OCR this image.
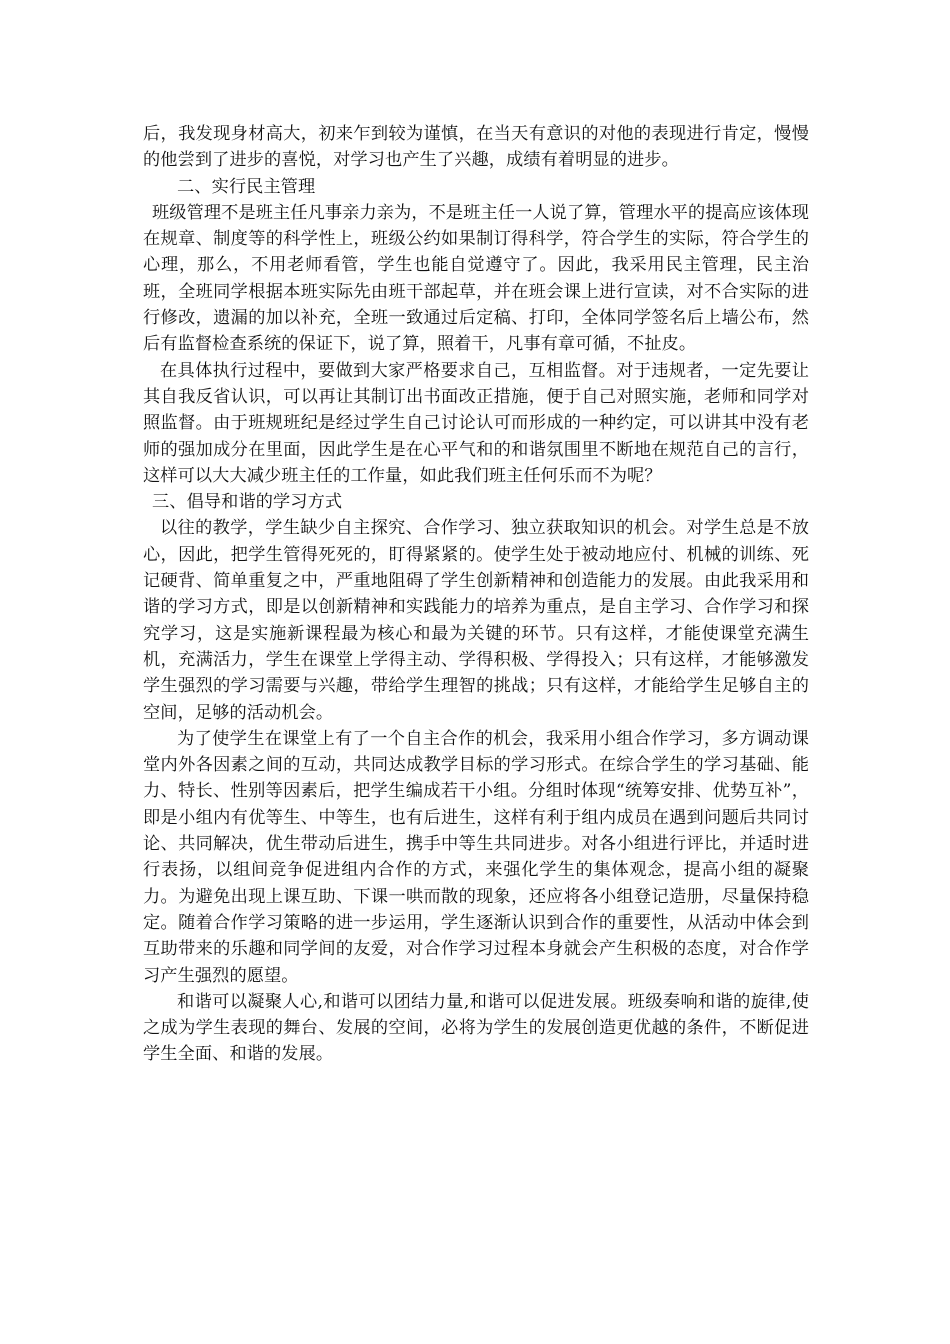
后，我发现身材高大，初来乍到较为谨慎，在当天有意识的对他的表现进行肯定，慢慢的他尝到了进步的喜悦，对学习也产生了兴趣，成绩有着明显的进步。

二、实行民主管理

班级管理不是班主任凡事亲力亲为，不是班主任一人说了算，管理水平的提高应该体现在规章、制度等的科学性上，班级公约如果制订得科学，符合学生的实际，符合学生的心理，那么，不用老师看管，学生也能自觉遵守了。因此，我采用民主管理，民主治班，全班同学根据本班实际先由班干部起草，并在班会课上进行宣读，对不合实际的进行修改，遗漏的加以补充，全班一致通过后定稿、打印，全体同学签名后上墙公布，然后有监督检查系统的保证下，说了算，照着干，凡事有章可循，不扯皮。

在具体执行过程中，要做到大家严格要求自己，互相监督。对于违规者，一定先要让其自我反省认识，可以再让其制订出书面改正措施，便于自己对照实施，老师和同学对照监督。由于班规班纪是经过学生自己讨论认可而形成的一种约定，可以讲其中没有老师的强加成分在里面，因此学生是在心平气和的和谐氛围里不断地在规范自己的言行，这样可以大大减少班主任的工作量，如此我们班主任何乐而不为呢？

三、倡导和谐的学习方式

以往的教学，学生缺少自主探究、合作学习、独立获取知识的机会。对学生总是不放心，因此，把学生管得死死的，盯得紧紧的。使学生处于被动地应付、机械的训练、死记硬背、简单重复之中，严重地阻碍了学生创新精神和创造能力的发展。由此我采用和谐的学习方式，即是以创新精神和实践能力的培养为重点，是自主学习、合作学习和探究学习，这是实施新课程最为核心和最为关键的环节。只有这样，才能使课堂充满生机，充满活力，学生在课堂上学得主动、学得积极、学得投入；只有这样，才能够激发学生强烈的学习需要与兴趣，带给学生理智的挑战；只有这样，才能给学生足够自主的空间，足够的活动机会。

为了使学生在课堂上有了一个自主合作的机会，我采用小组合作学习，多方调动课堂内外各因素之间的互动，共同达成教学目标的学习形式。在综合学生的学习基础、能力、特长、性别等因素后，把学生编成若干小组。分组时体现“统筹安排、优势互补”，即是小组内有优等生、中等生，也有后进生，这样有利于组内成员在遇到问题后共同讨论、共同解决，优生带动后进生，携手中等生共同进步。对各小组进行评比，并适时进行表扬，以组间竞争促进组内合作的方式，来强化学生的集体观念，提高小组的凝聚力。为避免出现上课互助、下课一哄而散的现象，还应将各小组登记造册，尽量保持稳定。随着合作学习策略的进一步运用，学生逐渐认识到合作的重要性，从活动中体会到互助带来的乐趣和同学间的友爱，对合作学习过程本身就会产生积极的态度，对合作学习产生强烈的愿望。

和谐可以凝聚人心,和谐可以团结力量,和谐可以促进发展。班级奏响和谐的旋律,使之成为学生表现的舞台、发展的空间，必将为学生的发展创造更优越的条件，不断促进学生全面、和谐的发展。
